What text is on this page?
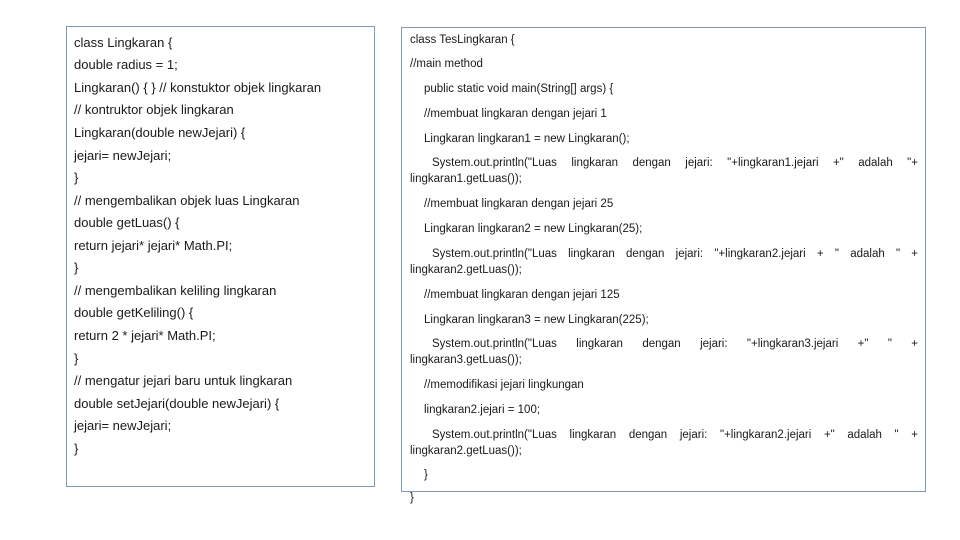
class Lingkaran {
double radius = 1;
Lingkaran() { } // konstuktor objek lingkaran
// kontruktor objek lingkaran
Lingkaran(double newJejari) {
jejari= newJejari;
}
// mengembalikan objek luas Lingkaran
double getLuas() {
return jejari* jejari* Math.PI;
}
// mengembalikan keliling lingkaran
double getKeliling() {
return 2 * jejari* Math.PI;
}
// mengatur jejari baru untuk lingkaran
double setJejari(double newJejari) {
jejari= newJejari;
}
class TesLingkaran {
//main method
public static void main(String[] args) {
//membuat lingkaran dengan jejari 1
Lingkaran lingkaran1 = new Lingkaran();
System.out.println("Luas lingkaran dengan jejari: "+lingkaran1.jejari +" adalah "+ lingkaran1.getLuas());
//membuat lingkaran dengan jejari 25
Lingkaran lingkaran2 = new Lingkaran(25);
System.out.println("Luas lingkaran dengan jejari: "+lingkaran2.jejari + " adalah " + lingkaran2.getLuas());
//membuat lingkaran dengan jejari 125
Lingkaran lingkaran3 = new Lingkaran(225);
System.out.println("Luas lingkaran dengan jejari: "+lingkaran3.jejari +" " + lingkaran3.getLuas());
//memodifikasi jejari lingkungan
lingkaran2.jejari = 100;
System.out.println("Luas lingkaran dengan jejari: "+lingkaran2.jejari +" adalah " + lingkaran2.getLuas());
}
}
